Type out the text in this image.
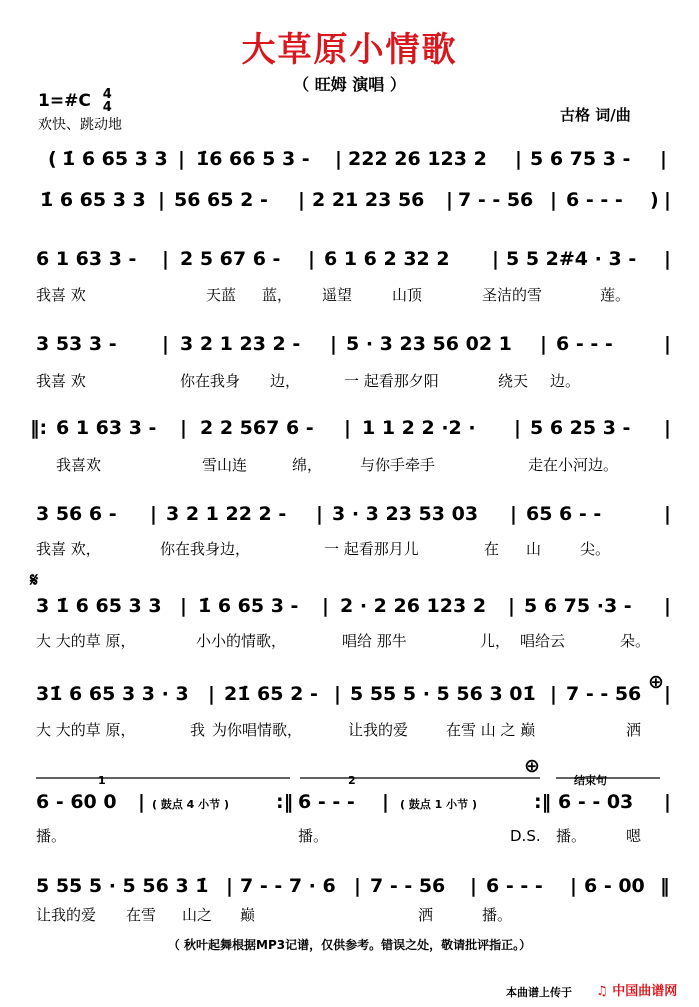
大草原小情歌
（ 旺姆 演唱 ）
1=#C 4
4
欢快、跳动地
古格 词/曲
( 1̇ 6 65 3 3 | 1̇6 66 5 3 - | 222 26 123 2 | 5 6 75 3 - |
1̇ 6 65 3 3 | 56 65 2 - | 2 21 23 56 | 7 - - 56 | 6 - - - ) |
6 1 63 3 - | 2 5 67 6 - | 6 1 6 2 32 2 | 5 5 2#4 · 3 - |
我喜 欢	天蓝 蓝， 遥望	山顶	圣洁的雪	莲。
3 53 3 - | 3 2 1 23 2 - | 5 · 3 23 56 02 1 | 6 - - -	|
我喜 欢	你在我身 边，	一 起看那夕阳	绕天 边。
‖: 6 1 63 3 - | 2 2 567 6 - | 1 1 2 2 ·2 · | 5 6 25 3 - |
我喜欢	雪山连	绵，	与你手牵手	走在小河边。
3 56 6 - | 3 2 1 22 2 - | 3 · 3 23 53 03 | 65 6 - -	|
我喜 欢，	你在我身边，	一 起看那月儿	在 山	尖。
3 1̇ 6 65 3 3 | 1̇ 6 65 3 - | 2 · 2 26 123 2 | 5 6 75 ·3 - |
大 大的草 原，	小小的情歌，	唱给 那牛	儿， 唱给云	朵。
31̇ 6 65 3 3 · 3 | 21̇ 65 2 - | 5 55 5 · 5 56 3 01̇ | 7 - - 56 |
大 大的草 原，	我 为你唱情歌，	让我的爱	在雪 山 之 巅	洒
6 - 60 0 | ( 鼓点 4 小节 ) :‖ 6 - - - | ( 鼓点 1 小节 )	:‖ 6 - - 03 |
播。	播。	D.S. 播。	嗯
5 55 5 · 5 56 3 1̇ | 7 - - 7 · 6 | 7 - - 56 | 6 - - - | 6 - 00 ‖
让我的爱 在雪 山之 巅	洒	播。
𝄋
⊕
⊕
1	2	结束句
（ 秋叶起舞根据MP3记谱，仅供参考。错误之处，敬请批评指正。）
本曲谱上传于 ♫ 中国曲谱网
